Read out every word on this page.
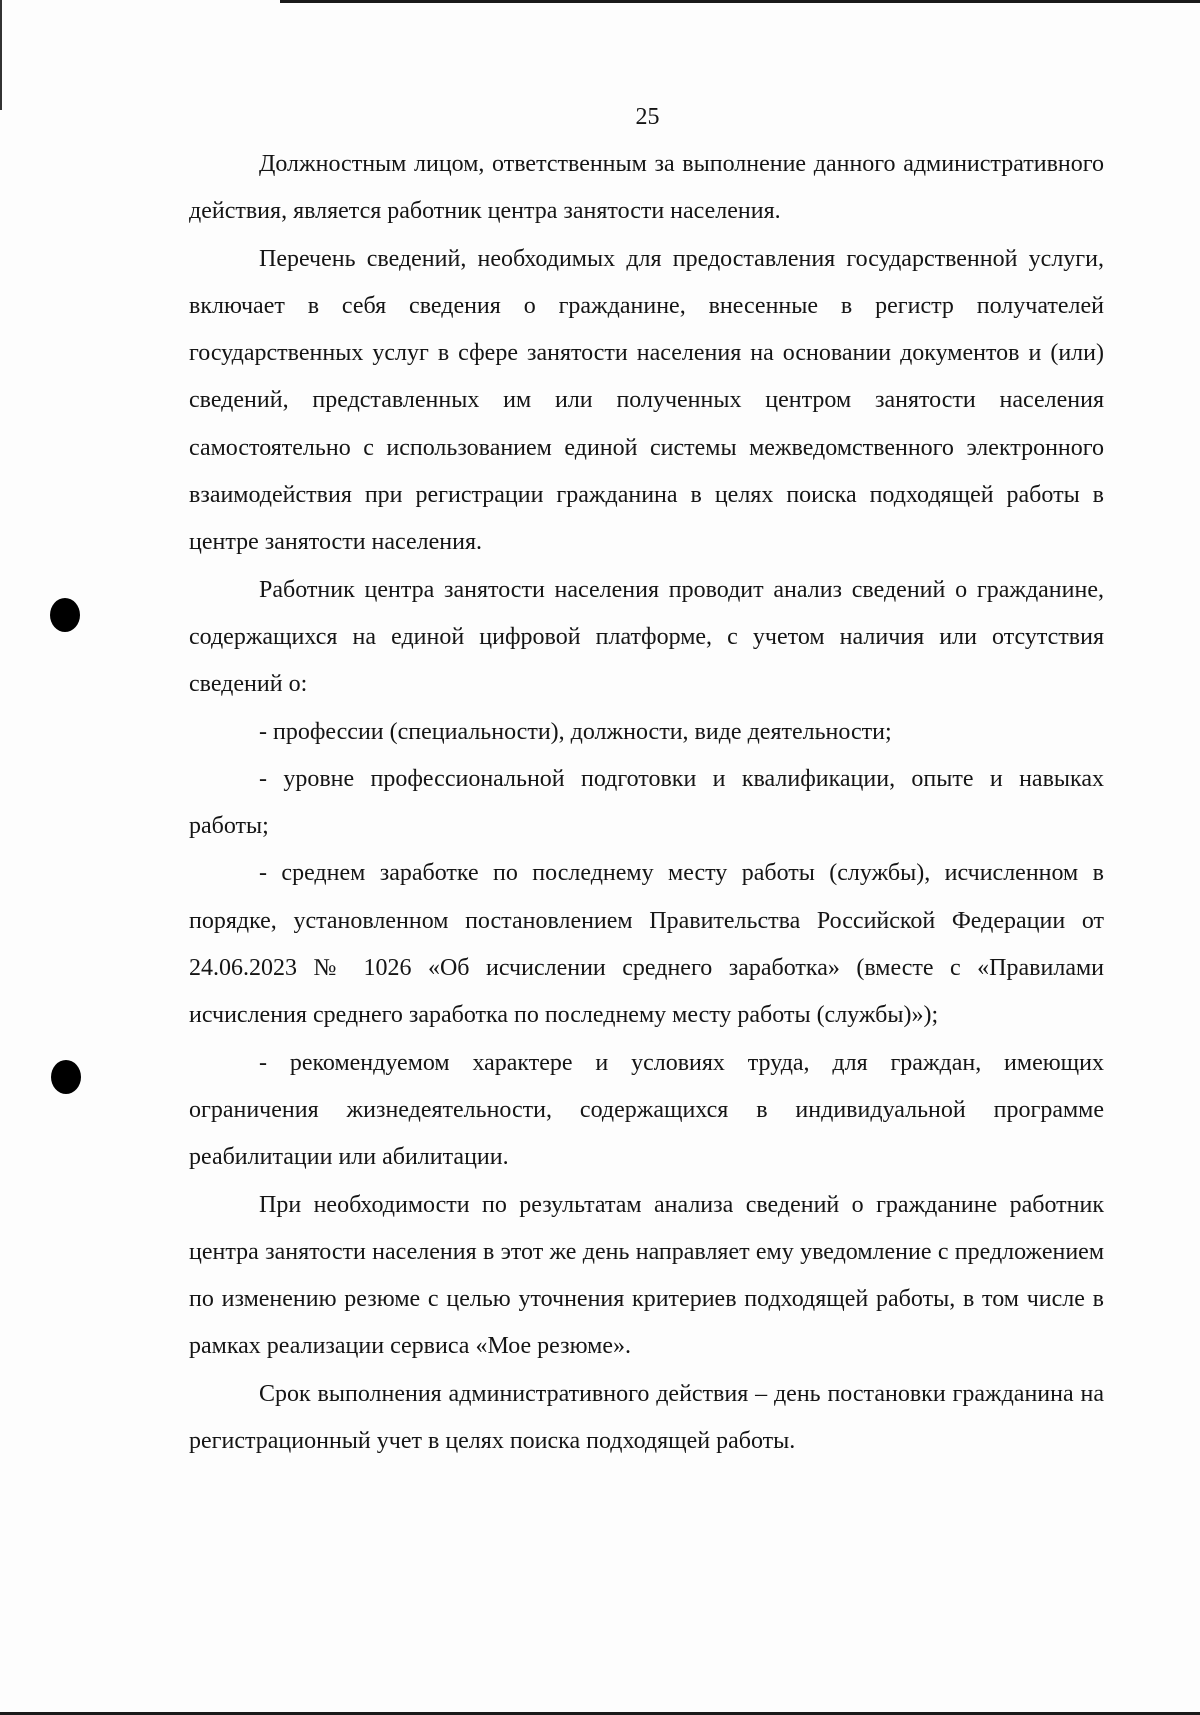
25

Должностным лицом, ответственным за выполнение данного административного действия, является работник центра занятости населения.

Перечень сведений, необходимых для предоставления государственной услуги, включает в себя сведения о гражданине, внесенные в регистр получателей государственных услуг в сфере занятости населения на основании документов и (или) сведений, представленных им или полученных центром занятости населения самостоятельно с использованием единой системы межведомственного электронного взаимодействия при регистрации гражданина в целях поиска подходящей работы в центре занятости населения.

Работник центра занятости населения проводит анализ сведений о гражданине, содержащихся на единой цифровой платформе, с учетом наличия или отсутствия сведений о:

- профессии (специальности), должности, виде деятельности;

- уровне профессиональной подготовки и квалификации, опыте и навыках работы;

- среднем заработке по последнему месту работы (службы), исчисленном в порядке, установленном постановлением Правительства Российской Федерации от 24.06.2023 № 1026 «Об исчислении среднего заработка» (вместе с «Правилами исчисления среднего заработка по последнему месту работы (службы)»);

- рекомендуемом характере и условиях труда, для граждан, имеющих ограничения жизнедеятельности, содержащихся в индивидуальной программе реабилитации или абилитации.

При необходимости по результатам анализа сведений о гражданине работник центра занятости населения в этот же день направляет ему уведомление с предложением по изменению резюме с целью уточнения критериев подходящей работы, в том числе в рамках реализации сервиса «Мое резюме».

Срок выполнения административного действия – день постановки гражданина на регистрационный учет в целях поиска подходящей работы.
